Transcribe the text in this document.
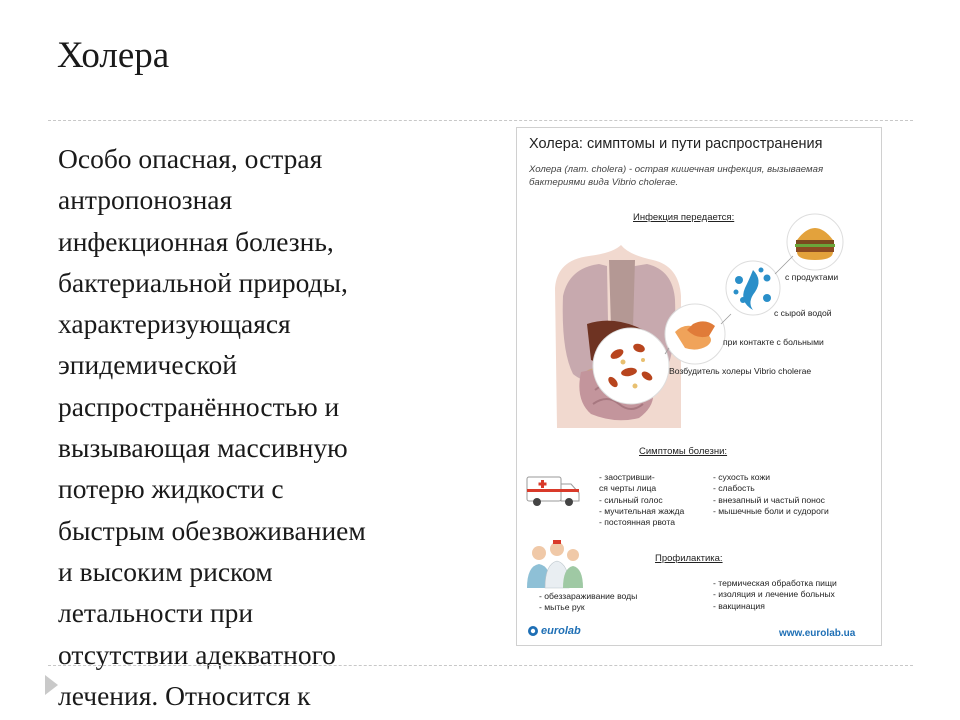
Холера
Особо опасная, острая
антропонозная
инфекционная болезнь,
бактериальной природы,
характеризующаяся
эпидемической
распространённостью и
вызывающая массивную
потерю жидкости с
быстрым обезвоживанием
и высоким риском
летальности при
отсутствии адекватного
лечения. Относится к
Холера: симптомы и пути распространения
Холера (лат. cholera) - острая кишечная инфекция, вызываемая бактериями вида Vibrio cholerae.
Инфекция передается:
с продуктами
с сырой водой
при контакте с больными
Возбудитель холеры Vibrio cholerae
Симптомы болезни:
- заостривши-
ся черты лица
- сильный голос
- мучительная жажда
- постоянная рвота
- сухость кожи
- слабость
- внезапный и частый понос
- мышечные боли и судороги
Профилактика:
- обеззараживание воды
- мытье рук
- термическая обработка пищи
- изоляция и лечение больных
- вакцинация
eurolab	www.eurolab.ua
